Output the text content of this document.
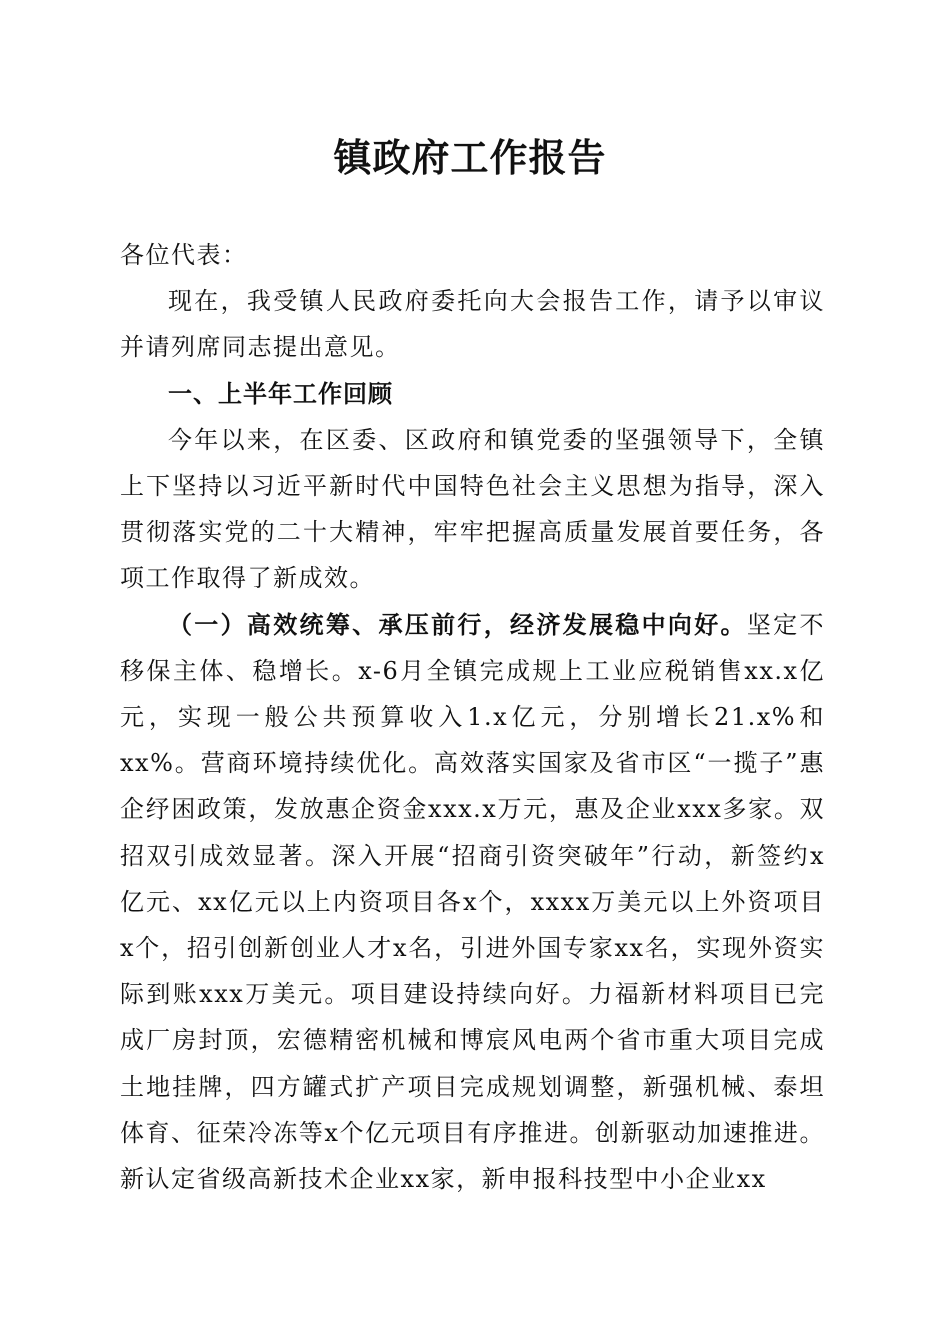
镇政府工作报告

各位代表：

现在，我受镇人民政府委托向大会报告工作，请予以审议并请列席同志提出意见。

一、上半年工作回顾

今年以来，在区委、区政府和镇党委的坚强领导下，全镇上下坚持以习近平新时代中国特色社会主义思想为指导，深入贯彻落实党的二十大精神，牢牢把握高质量发展首要任务，各项工作取得了新成效。

（一）高效统筹、承压前行，经济发展稳中向好。坚定不移保主体、稳增长。x-6月全镇完成规上工业应税销售xx.x亿元，实现一般公共预算收入1.x亿元，分别增长21.x%和xx%。营商环境持续优化。高效落实国家及省市区“一揽子”惠企纾困政策，发放惠企资金xxx.x万元，惠及企业xxx多家。双招双引成效显著。深入开展“招商引资突破年”行动，新签约x亿元、xx亿元以上内资项目各x个，xxxx万美元以上外资项目x个，招引创新创业人才x名，引进外国专家xx名，实现外资实际到账xxx万美元。项目建设持续向好。力福新材料项目已完成厂房封顶，宏德精密机械和博宸风电两个省市重大项目完成土地挂牌，四方罐式扩产项目完成规划调整，新强机械、泰坦体育、征荣冷冻等x个亿元项目有序推进。创新驱动加速推进。新认定省级高新技术企业xx家，新申报科技型中小企业xx
